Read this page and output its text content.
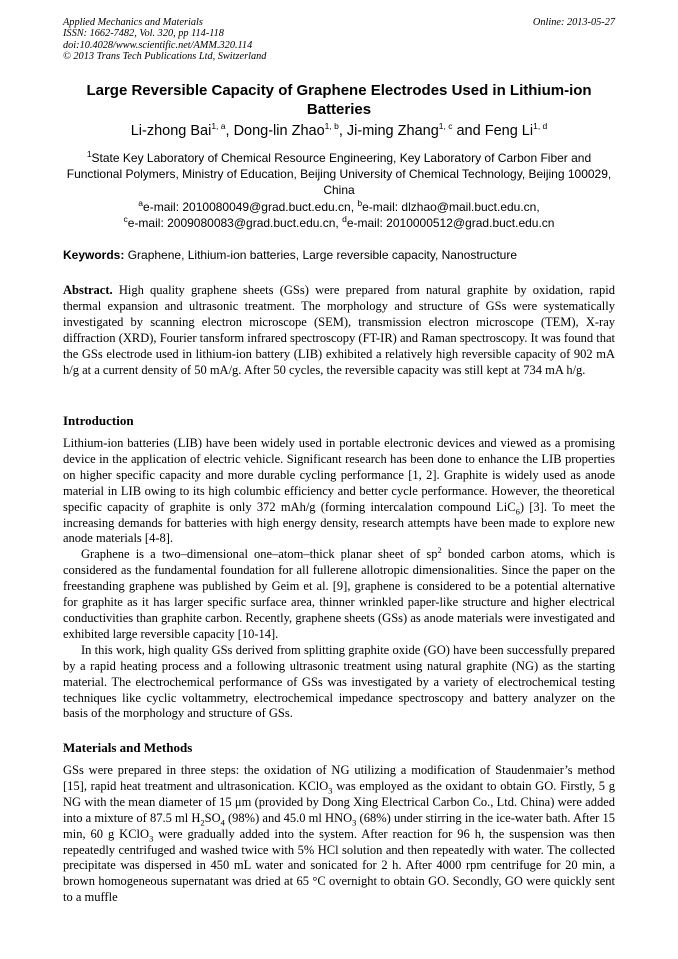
Applied Mechanics and Materials
ISSN: 1662-7482, Vol. 320, pp 114-118
doi:10.4028/www.scientific.net/AMM.320.114
© 2013 Trans Tech Publications Ltd, Switzerland
Online: 2013-05-27
Large Reversible Capacity of Graphene Electrodes Used in Lithium-ion Batteries
Li-zhong Bai$^{1, a}$, Dong-lin Zhao$^{1, b}$, Ji-ming Zhang$^{1, c}$ and Feng Li$^{1, d}$
$^1$State Key Laboratory of Chemical Resource Engineering, Key Laboratory of Carbon Fiber and Functional Polymers, Ministry of Education, Beijing University of Chemical Technology, Beijing 100029, China
$^a$e-mail: 2010080049@grad.buct.edu.cn, $^b$e-mail: dlzhao@mail.buct.edu.cn,
$^c$e-mail: 2009080083@grad.buct.edu.cn, $^d$e-mail: 2010000512@grad.buct.edu.cn
Keywords: Graphene, Lithium-ion batteries, Large reversible capacity, Nanostructure
Abstract. High quality graphene sheets (GSs) were prepared from natural graphite by oxidation, rapid thermal expansion and ultrasonic treatment. The morphology and structure of GSs were systematically investigated by scanning electron microscope (SEM), transmission electron microscope (TEM), X-ray diffraction (XRD), Fourier tansform infrared spectroscopy (FT-IR) and Raman spectroscopy. It was found that the GSs electrode used in lithium-ion battery (LIB) exhibited a relatively high reversible capacity of 902 mA h/g at a current density of 50 mA/g. After 50 cycles, the reversible capacity was still kept at 734 mA h/g.
Introduction

Lithium-ion batteries (LIB) have been widely used in portable electronic devices and viewed as a promising device in the application of electric vehicle. Significant research has been done to enhance the LIB properties on higher specific capacity and more durable cycling performance [1, 2]. Graphite is widely used as anode material in LIB owing to its high columbic efficiency and better cycle performance. However, the theoretical specific capacity of graphite is only 372 mAh/g (forming intercalation compound LiC$_6$) [3]. To meet the increasing demands for batteries with high energy density, research attempts have been made to explore new anode materials [4-8].

Graphene is a two–dimensional one–atom–thick planar sheet of $sp^2$ bonded carbon atoms, which is considered as the fundamental foundation for all fullerene allotropic dimensionalities. Since the paper on the freestanding graphene was published by Geim et al. [9], graphene is considered to be a potential alternative for graphite as it has larger specific surface area, thinner wrinkled paper-like structure and higher electrical conductivities than graphite carbon. Recently, graphene sheets (GSs) as anode materials were investigated and exhibited large reversible capacity [10-14].

In this work, high quality GSs derived from splitting graphite oxide (GO) have been successfully prepared by a rapid heating process and a following ultrasonic treatment using natural graphite (NG) as the starting material. The electrochemical performance of GSs was investigated by a variety of electrochemical testing techniques like cyclic voltammetry, electrochemical impedance spectroscopy and battery analyzer on the basis of the morphology and structure of GSs.

Materials and Methods

GSs were prepared in three steps: the oxidation of NG utilizing a modification of Staudenmaier’s method [15], rapid heat treatment and ultrasonication. KClO$_3$ was employed as the oxidant to obtain GO. Firstly, 5 g NG with the mean diameter of 15 μm (provided by Dong Xing Electrical Carbon Co., Ltd. China) were added into a mixture of 87.5 ml $H_2SO_4$ (98%) and 45.0 ml $HNO_3$ (68%) under stirring in the ice-water bath. After 15 min, 60 g KClO$_3$ were gradually added into the system. After reaction for 96 h, the suspension was then repeatedly centrifuged and washed twice with 5% HCl solution and then repeatedly with water. The collected precipitate was dispersed in 450 mL water and sonicated for 2 h. After 4000 rpm centrifuge for 20 min, a brown homogeneous supernatant was dried at 65 °C overnight to obtain GO. Secondly, GO were quickly sent to a muffle
